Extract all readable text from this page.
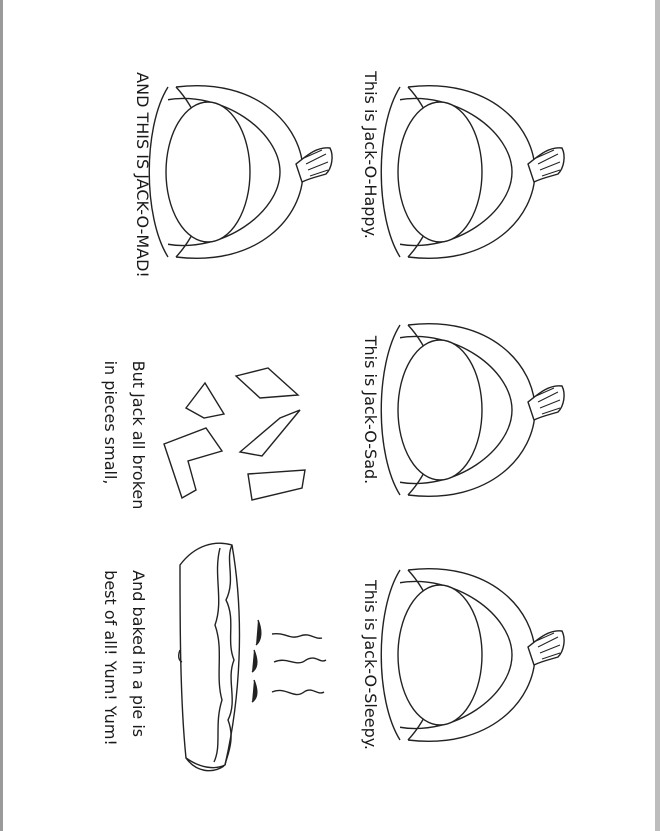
This is Jack-O-Happy.
This is Jack-O-Sad.
This is Jack-O-Sleepy.
AND THIS IS JACK-O-MAD!
But Jack all broken
in pieces small,
And baked in a pie is
best of all! Yum! Yum!
